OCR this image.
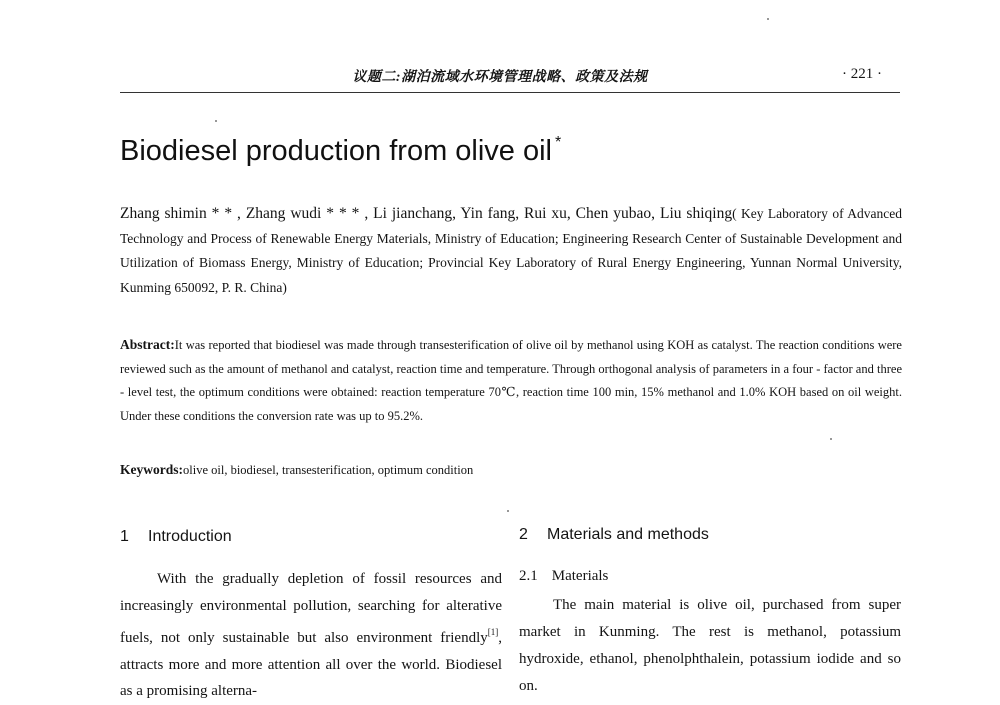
议题二:湖泊流域水环境管理战略、政策及法规	· 221 ·
Biodiesel production from olive oil *
Zhang shimin * * , Zhang wudi * * * , Li jianchang, Yin fang, Rui xu, Chen yubao, Liu shiqing( Key Laboratory of Advanced Technology and Process of Renewable Energy Materials, Ministry of Education; Engineering Research Center of Sustainable Development and Utilization of Biomass Energy, Ministry of Education; Provincial Key Laboratory of Rural Energy Engineering, Yunnan Normal University, Kunming 650092, P. R. China)
Abstract:It was reported that biodiesel was made through transesterification of olive oil by methanol using KOH as catalyst. The reaction conditions were reviewed such as the amount of methanol and catalyst, reaction time and temperature. Through orthogonal analysis of parameters in a four - factor and three - level test, the optimum conditions were obtained: reaction temperature 70℃, reaction time 100 min, 15% methanol and 1.0% KOH based on oil weight. Under these conditions the conversion rate was up to 95.2%.
Keywords:olive oil, biodiesel, transesterification, optimum condition
1 Introduction
With the gradually depletion of fossil resources and increasingly environmental pollution, searching for alterative fuels, not only sustainable but also environment friendly[1], attracts more and more attention all over the world. Biodiesel as a promising alterna-
2 Materials and methods
2.1 Materials
The main material is olive oil, purchased from super market in Kunming. The rest is methanol, potassium hydroxide, ethanol, phenolphthalein, potassium iodide and so on.
